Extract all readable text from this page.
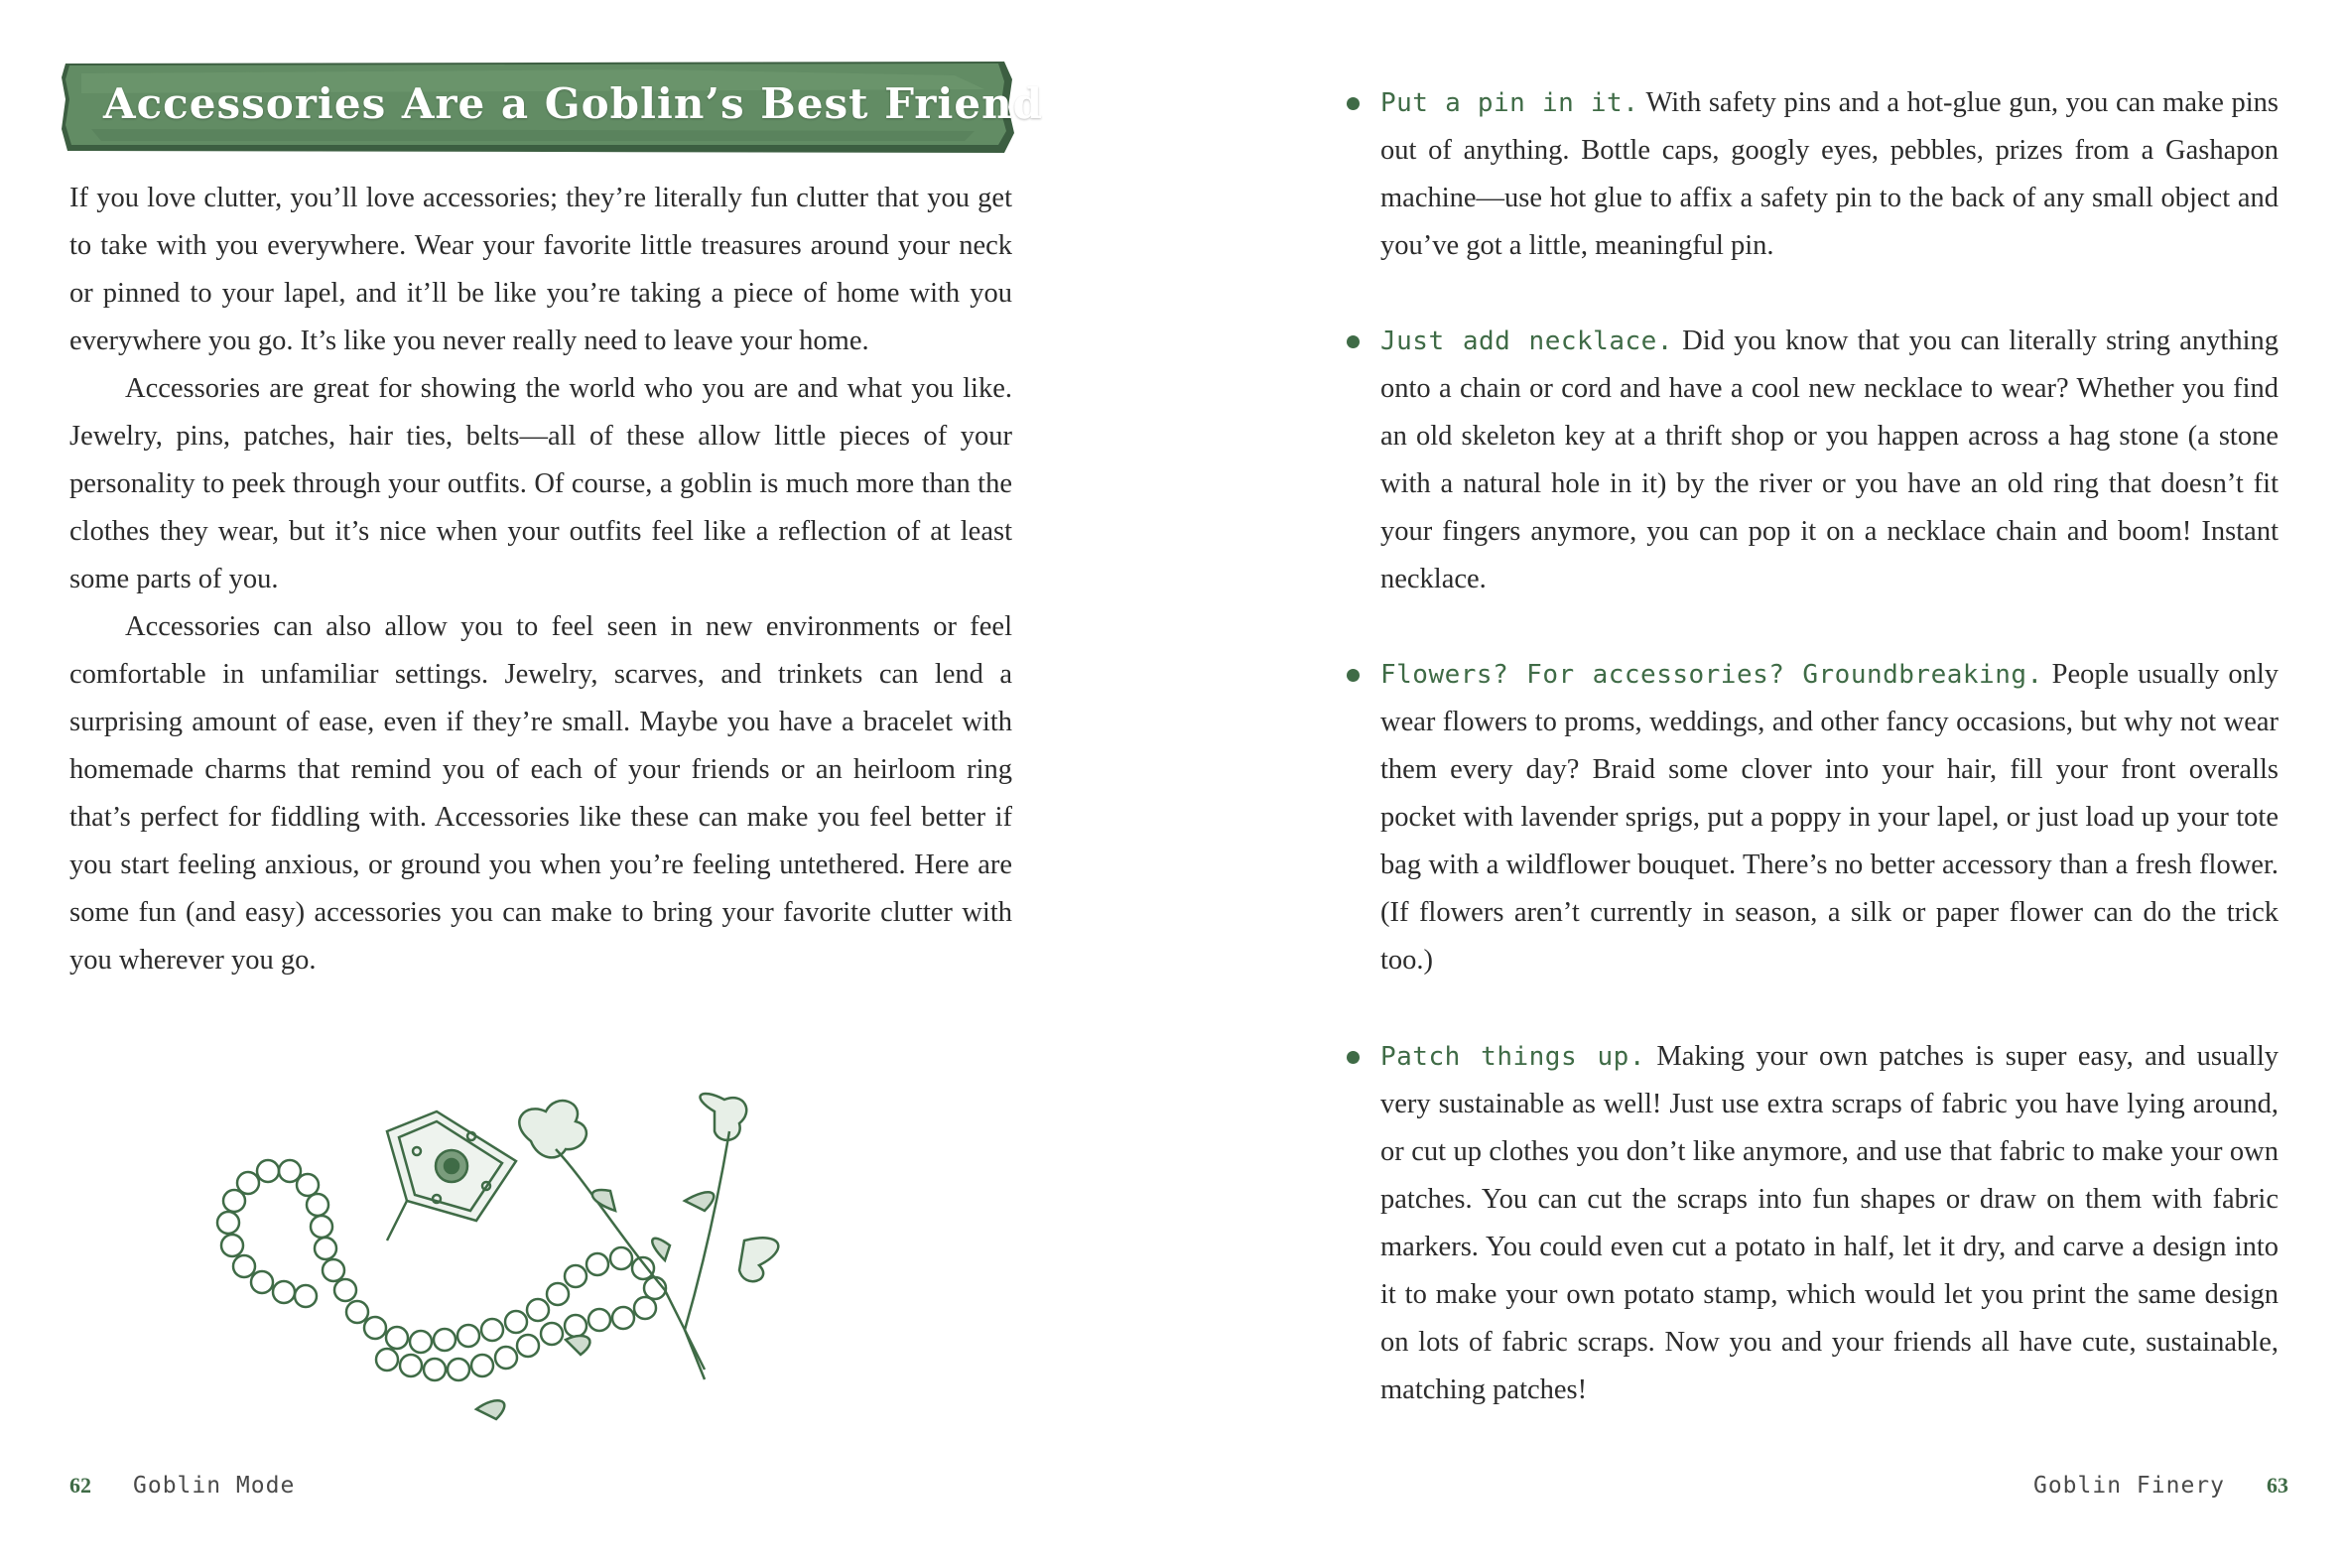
Accessories Are a Goblin’s Best Friend

If you love clutter, you’ll love accessories; they’re literally fun clutter that you get to take with you everywhere. Wear your favorite little treasures around your neck or pinned to your lapel, and it’ll be like you’re taking a piece of home with you everywhere you go. It’s like you never really need to leave your home.

Accessories are great for showing the world who you are and what you like. Jewelry, pins, patches, hair ties, belts—all of these allow little pieces of your personality to peek through your outfits. Of course, a goblin is much more than the clothes they wear, but it’s nice when your outfits feel like a reflection of at least some parts of you.

Accessories can also allow you to feel seen in new environments or feel comfortable in unfamiliar settings. Jewelry, scarves, and trinkets can lend a surprising amount of ease, even if they’re small. Maybe you have a bracelet with homemade charms that remind you of each of your friends or an heirloom ring that’s perfect for fiddling with. Accessories like these can make you feel better if you start feeling anxious, or ground you when you’re feeling untethered. Here are some fun (and easy) accessories you can make to bring your favorite clutter with you wherever you go.

62 Goblin Mode
Put a pin in it. With safety pins and a hot-glue gun, you can make pins out of anything. Bottle caps, googly eyes, pebbles, prizes from a Gashapon machine—use hot glue to affix a safety pin to the back of any small object and you’ve got a little, meaningful pin.
Just add necklace. Did you know that you can literally string anything onto a chain or cord and have a cool new necklace to wear? Whether you find an old skeleton key at a thrift shop or you happen across a hag stone (a stone with a natural hole in it) by the river or you have an old ring that doesn’t fit your fingers anymore, you can pop it on a necklace chain and boom! Instant necklace.
Flowers? For accessories? Groundbreaking. People usually only wear flowers to proms, weddings, and other fancy occasions, but why not wear them every day? Braid some clover into your hair, fill your front overalls pocket with lavender sprigs, put a poppy in your lapel, or just load up your tote bag with a wildflower bouquet. There’s no better accessory than a fresh flower. (If flowers aren’t currently in season, a silk or paper flower can do the trick too.)
Patch things up. Making your own patches is super easy, and usually very sustainable as well! Just use extra scraps of fabric you have lying around, or cut up clothes you don’t like anymore, and use that fabric to make your own patches. You can cut the scraps into fun shapes or draw on them with fabric markers. You could even cut a potato in half, let it dry, and carve a design into it to make your own potato stamp, which would let you print the same design on lots of fabric scraps. Now you and your friends all have cute, sustainable, matching patches!
Goblin Finery 63
